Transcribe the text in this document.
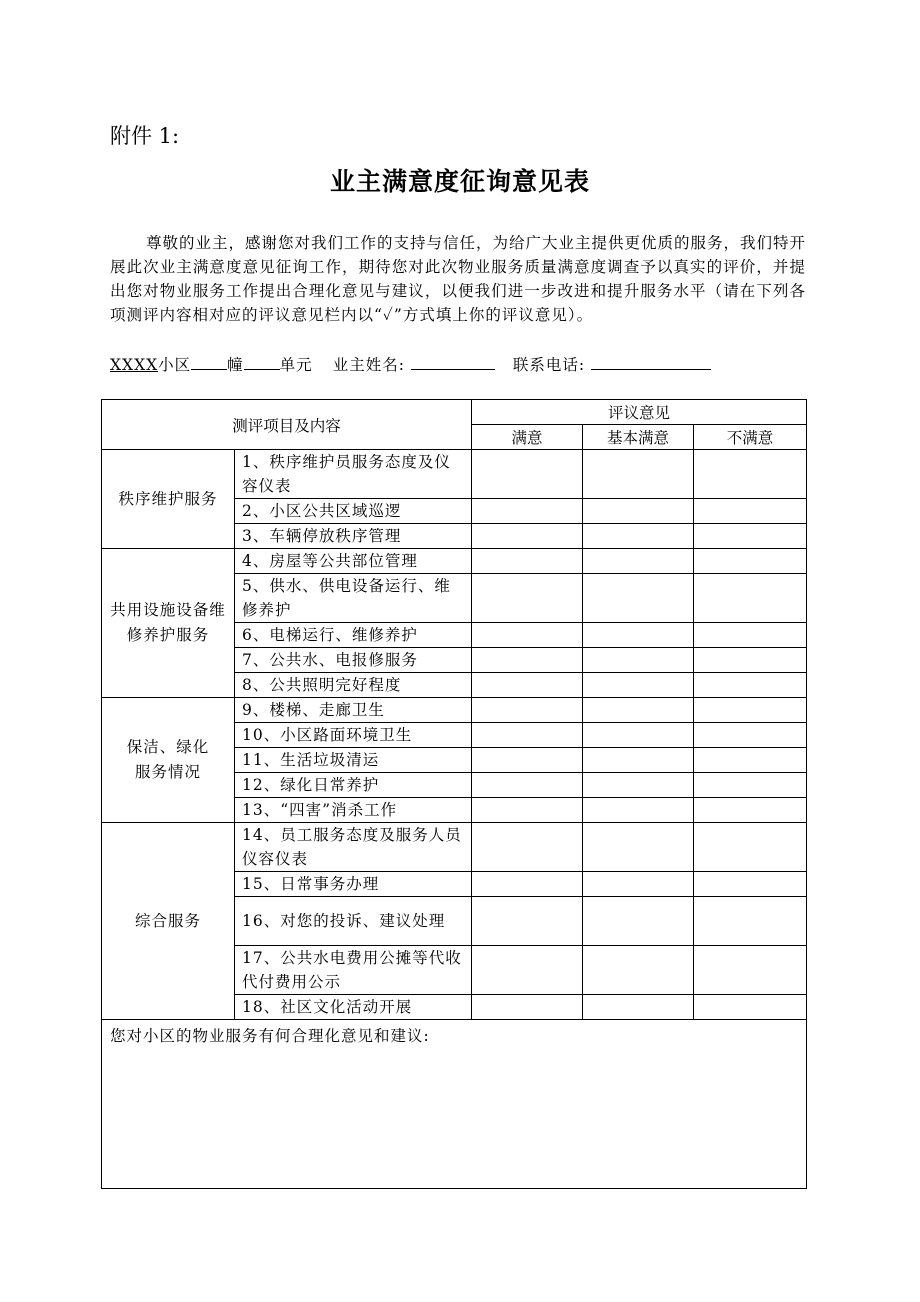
附件 1:
业主满意度征询意见表
尊敬的业主，感谢您对我们工作的支持与信任，为给广大业主提供更优质的服务，我们特开展此次业主满意度意见征询工作，期待您对此次物业服务质量满意度调查予以真实的评价，并提出您对物业服务工作提出合理化意见与建议，以便我们进一步改进和提升服务水平（请在下列各项测评内容相对应的评议意见栏内以“✓”方式填上你的评议意见）。
XXXX小区 幢 单元 业主姓名:	联系电话:
测评项目及内容		评议意见		
		满意	基本满意	不满意
秩序维护服务	1、秩序维护员服务态度及仪容仪表			
	2、小区公共区域巡逻			
	3、车辆停放秩序管理			
共用设施设备维修养护服务	4、房屋等公共部位管理			
	5、供水、供电设备运行、维修养护			
	6、电梯运行、维修养护			
	7、公共水、电报修服务			
	8、公共照明完好程度			
保洁、绿化服务情况	9、楼梯、走廊卫生			
	10、小区路面环境卫生			
	11、生活垃圾清运			
	12、绿化日常养护			
	13、“四害”消杀工作			
综合服务	14、员工服务态度及服务人员仪容仪表			
	15、日常事务办理			
	16、对您的投诉、建议处理			
	17、公共水电费用公摊等代收代付费用公示			
	18、社区文化活动开展			
您对小区的物业服务有何合理化意见和建议:				
